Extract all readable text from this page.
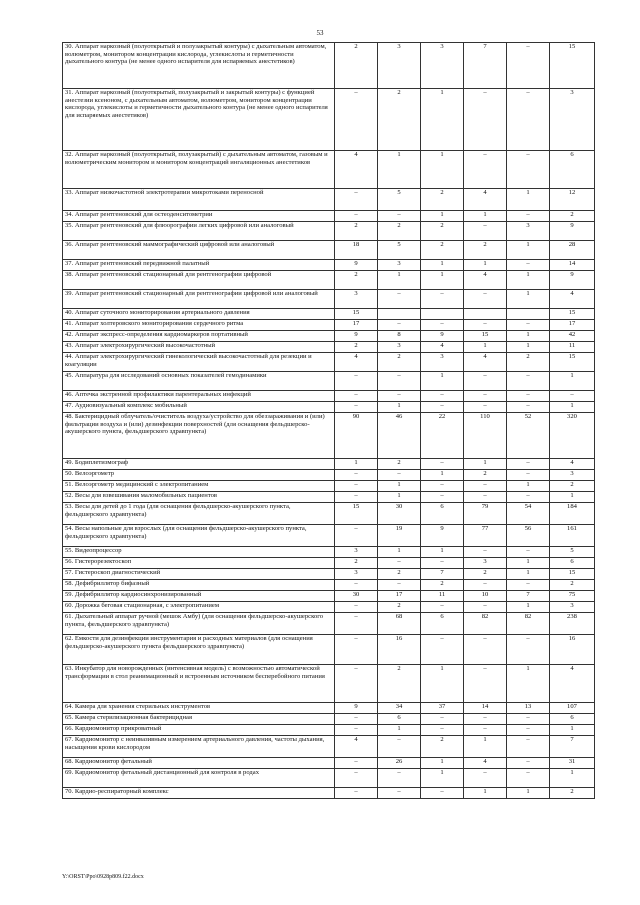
53
30. Аппарат наркозный (полуоткрытый и полузакрытый контуры) с дыхательным автоматом, волюметром, монитором концентрации кислорода, углекислоты и герметичности дыхательного контура (не менее одного испарителя для испаряемых анестетиков)	2	3	3	7	–	15
31. Аппарат наркозный (полуоткрытый, полузакрытый и закрытый контуры) с функцией анестезии ксеноном, с дыхательным автоматом, волюметром, монитором концентрации кислорода, углекислоты и герметичности дыхательного контура (не менее одного испарителя для испаряемых анестетиков)	–	2	1	–	–	3
32. Аппарат наркозный (полуоткрытый, полузакрытый) с дыхательным автоматом, газовым и волюметрическим монитором и монитором концентраций ингаляционных анестетиков	4	1	1	–	–	6
33. Аппарат низкочастотной электротерапии микротоками переносной	–	5	2	4	1	12
34. Аппарат рентгеновский для остеоденситометрии	–	–	1	1	–	2
35. Аппарат рентгеновский для флюорографии легких цифровой или аналоговый	2	2	2	–	3	9
36. Аппарат рентгеновский маммографический цифровой или аналоговый	18	5	2	2	1	28
37. Аппарат рентгеновский передвижной палатный	9	3	1	1	–	14
38. Аппарат рентгеновский стационарный для рентгенографии цифровой	2	1	1	4	1	9
39. Аппарат рентгеновский стационарный для рентгенографии цифровой или аналоговый	3	–	–	–	1	4
40. Аппарат суточного мониторирования артериального давления	15					15
41. Аппарат холтеровского мониторирования сердечного ритма	17	–	–	–	–	17
42. Аппарат экспресс-определения кардиомаркеров портативный	9	8	9	15	1	42
43. Аппарат электрохирургический высокочастотный	2	3	4	1	1	11
44. Аппарат электрохирургический гинекологический высокочастотный для резекции и коагуляции	4	2	3	4	2	15
45. Аппаратура для исследований основных показателей гемодинамики	–	–	1	–	–	1
46. Аптечка экстренной профилактики парентеральных инфекций	–	–	–	–	–	–
47. Аудиовизуальный комплекс мобильный	–	1	–	–	–	1
48. Бактерицидный облучатель/очиститель воздуха/устройство для обеззараживания и (или) фильтрации воздуха и (или) дезинфекции поверхностей (для оснащения фельдшерско-акушерского пункта, фельдшерского здравпункта)	90	46	22	110	52	320
49. Бодиплетизмограф	1	2	–	1	–	4
50. Велоэргометр	–	–	1	2	–	3
51. Велоэргометр медицинский с электропитанием	–	1	–	–	1	2
52. Весы для взвешивания маломобильных пациентов	–	1	–	–	–	1
53. Весы для детей до 1 года (для оснащения фельдшерско-акушерского пункта, фельдшерского здравпункта)	15	30	6	79	54	184
54. Весы напольные для взрослых (для оснащения фельдшерско-акушерского пункта, фельдшерского здравпункта)	–	19	9	77	56	161
55. Видеопроцессор	3	1	1	–	–	5
56. Гистерорезектоскоп	2	–	–	3	1	6
57. Гистероскоп диагностический	3	2	7	2	1	15
58. Дефибриллятор бифазный	–	–	2	–	–	2
59. Дефибриллятор кардиосинхронизированный	30	17	11	10	7	75
60. Дорожка беговая стационарная, с электропитанием	–	2	–	–	1	3
61. Дыхательный аппарат ручной (мешок Амбу) (для оснащения фельдшерско-акушерского пункта, фельдшерского здравпункта)	–	68	6	82	82	238
62. Емкости для дезинфекции инструментария и расходных материалов (для оснащения фельдшерско-акушерского пункта фельдшерского здравпункта)	–	16	–	–	–	16
63. Инкубатор для новорожденных (интенсивная модель) с возможностью автоматической трансформации в стол реанимационный и встроенным источником бесперебойного питания	–	2	1	–	1	4
64. Камера для хранения стерильных инструментов	9	34	37	14	13	107
65. Камера стерилизационная бактерицидная	–	6	–	–	–	6
66. Кардиомонитор прикроватный	–	1	–	–	–	1
67. Кардиомонитор с неинвазивным измерением артериального давления, частоты дыхания, насыщения крови кислородом	4	–	2	1	–	7
68. Кардиомонитор фетальный	–	26	1	4	–	31
69. Кардиомонитор фетальный дистанционный для контроля в родах	–	–	1	–	–	1
70. Кардио-респираторный комплекс	–	–	–	1	1	2
Y:\ORST\Ppo\0928p809.f22.docx
